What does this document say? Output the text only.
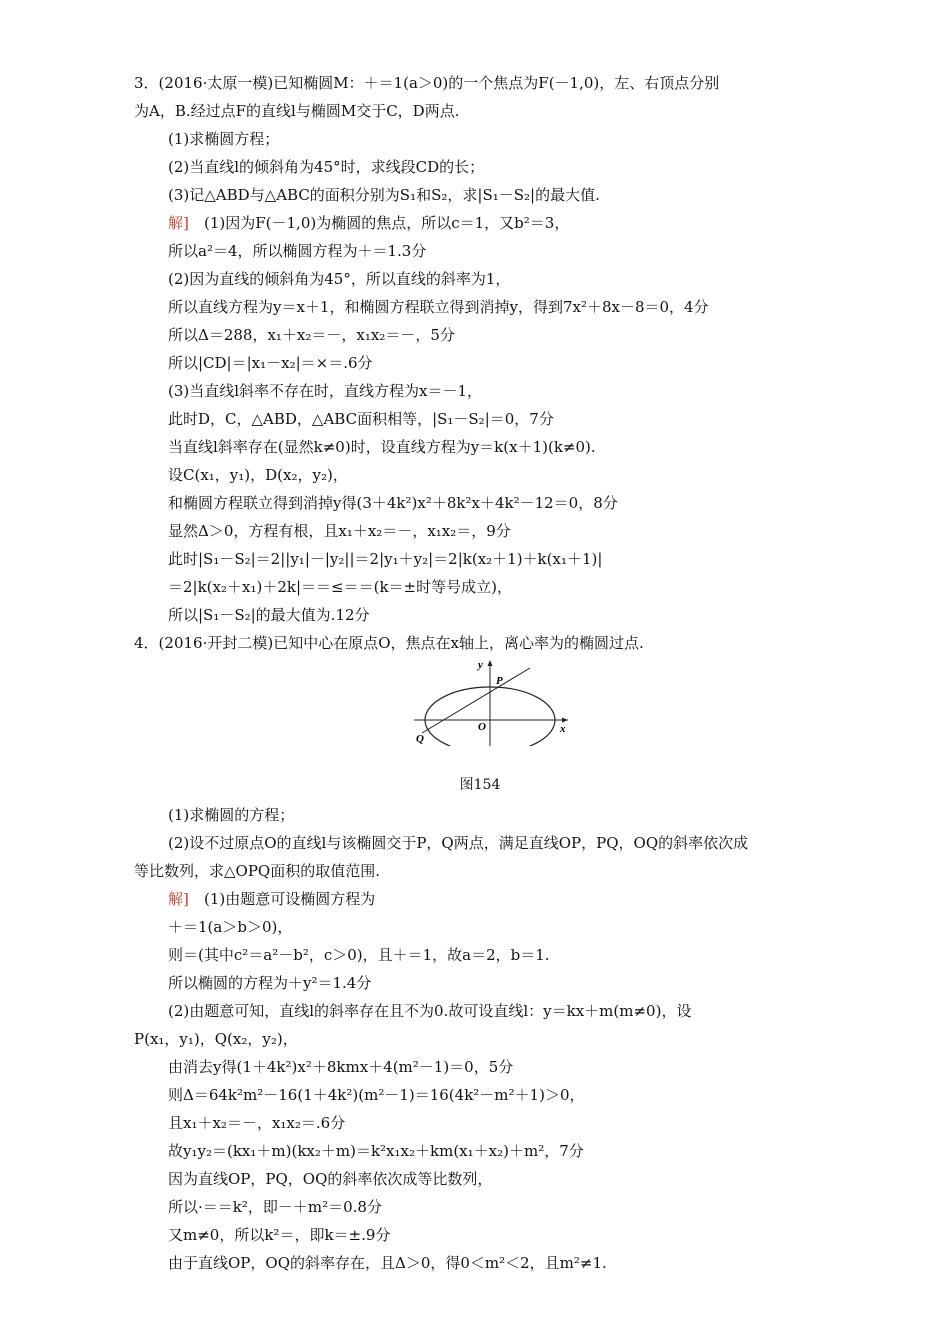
3．(2016·太原一模)已知椭圆M：＋＝1(a＞0)的一个焦点为F(－1,0)，左、右顶点分别
为A，B.经过点F的直线l与椭圆M交于C，D两点.
(1)求椭圆方程；
(2)当直线l的倾斜角为45°时，求线段CD的长；
(3)记△ABD与△ABC的面积分别为S₁和S₂，求|S₁－S₂|的最大值.
解] (1)因为F(－1,0)为椭圆的焦点，所以c＝1，又b²＝3，
所以a²＝4，所以椭圆方程为＋＝1.3分
(2)因为直线的倾斜角为45°，所以直线的斜率为1，
所以直线方程为y＝x＋1，和椭圆方程联立得到消掉y，得到7x²＋8x－8＝0，4分
所以Δ＝288，x₁＋x₂＝－，x₁x₂＝－，5分
所以|CD|＝|x₁－x₂|＝×＝.6分
(3)当直线l斜率不存在时，直线方程为x＝－1，
此时D，C，△ABD，△ABC面积相等，|S₁－S₂|＝0，7分
当直线l斜率存在(显然k≠0)时，设直线方程为y＝k(x＋1)(k≠0).
设C(x₁，y₁)，D(x₂，y₂)，
和椭圆方程联立得到消掉y得(3＋4k²)x²＋8k²x＋4k²－12＝0，8分
显然Δ＞0，方程有根，且x₁＋x₂＝－，x₁x₂＝，9分
此时|S₁－S₂|＝2||y₁|－|y₂||＝2|y₁＋y₂|＝2|k(x₂＋1)＋k(x₁＋1)|
＝2|k(x₂＋x₁)＋2k|＝＝≤＝＝(k＝±时等号成立)，
所以|S₁－S₂|的最大值为.12分
4．(2016·开封二模)已知中心在原点O，焦点在x轴上，离心率为的椭圆过点.
y
x
O
P
Q
图154
(1)求椭圆的方程；
(2)设不过原点O的直线l与该椭圆交于P，Q两点，满足直线OP，PQ，OQ的斜率依次成
等比数列，求△OPQ面积的取值范围.
解] (1)由题意可设椭圆方程为
＋＝1(a＞b＞0)，
则＝(其中c²＝a²－b²，c＞0)，且＋＝1，故a＝2，b＝1.
所以椭圆的方程为＋y²＝1.4分
(2)由题意可知，直线l的斜率存在且不为0.故可设直线l：y＝kx＋m(m≠0)，设
P(x₁，y₁)，Q(x₂，y₂)，
由消去y得(1＋4k²)x²＋8kmx＋4(m²－1)＝0，5分
则Δ＝64k²m²－16(1＋4k²)(m²－1)＝16(4k²－m²＋1)＞0，
且x₁＋x₂＝－，x₁x₂＝.6分
故y₁y₂＝(kx₁＋m)(kx₂＋m)＝k²x₁x₂＋km(x₁＋x₂)＋m²，7分
因为直线OP，PQ，OQ的斜率依次成等比数列，
所以·＝＝k²，即－＋m²＝0.8分
又m≠0，所以k²＝，即k＝±.9分
由于直线OP，OQ的斜率存在，且Δ＞0，得0＜m²＜2，且m²≠1.
